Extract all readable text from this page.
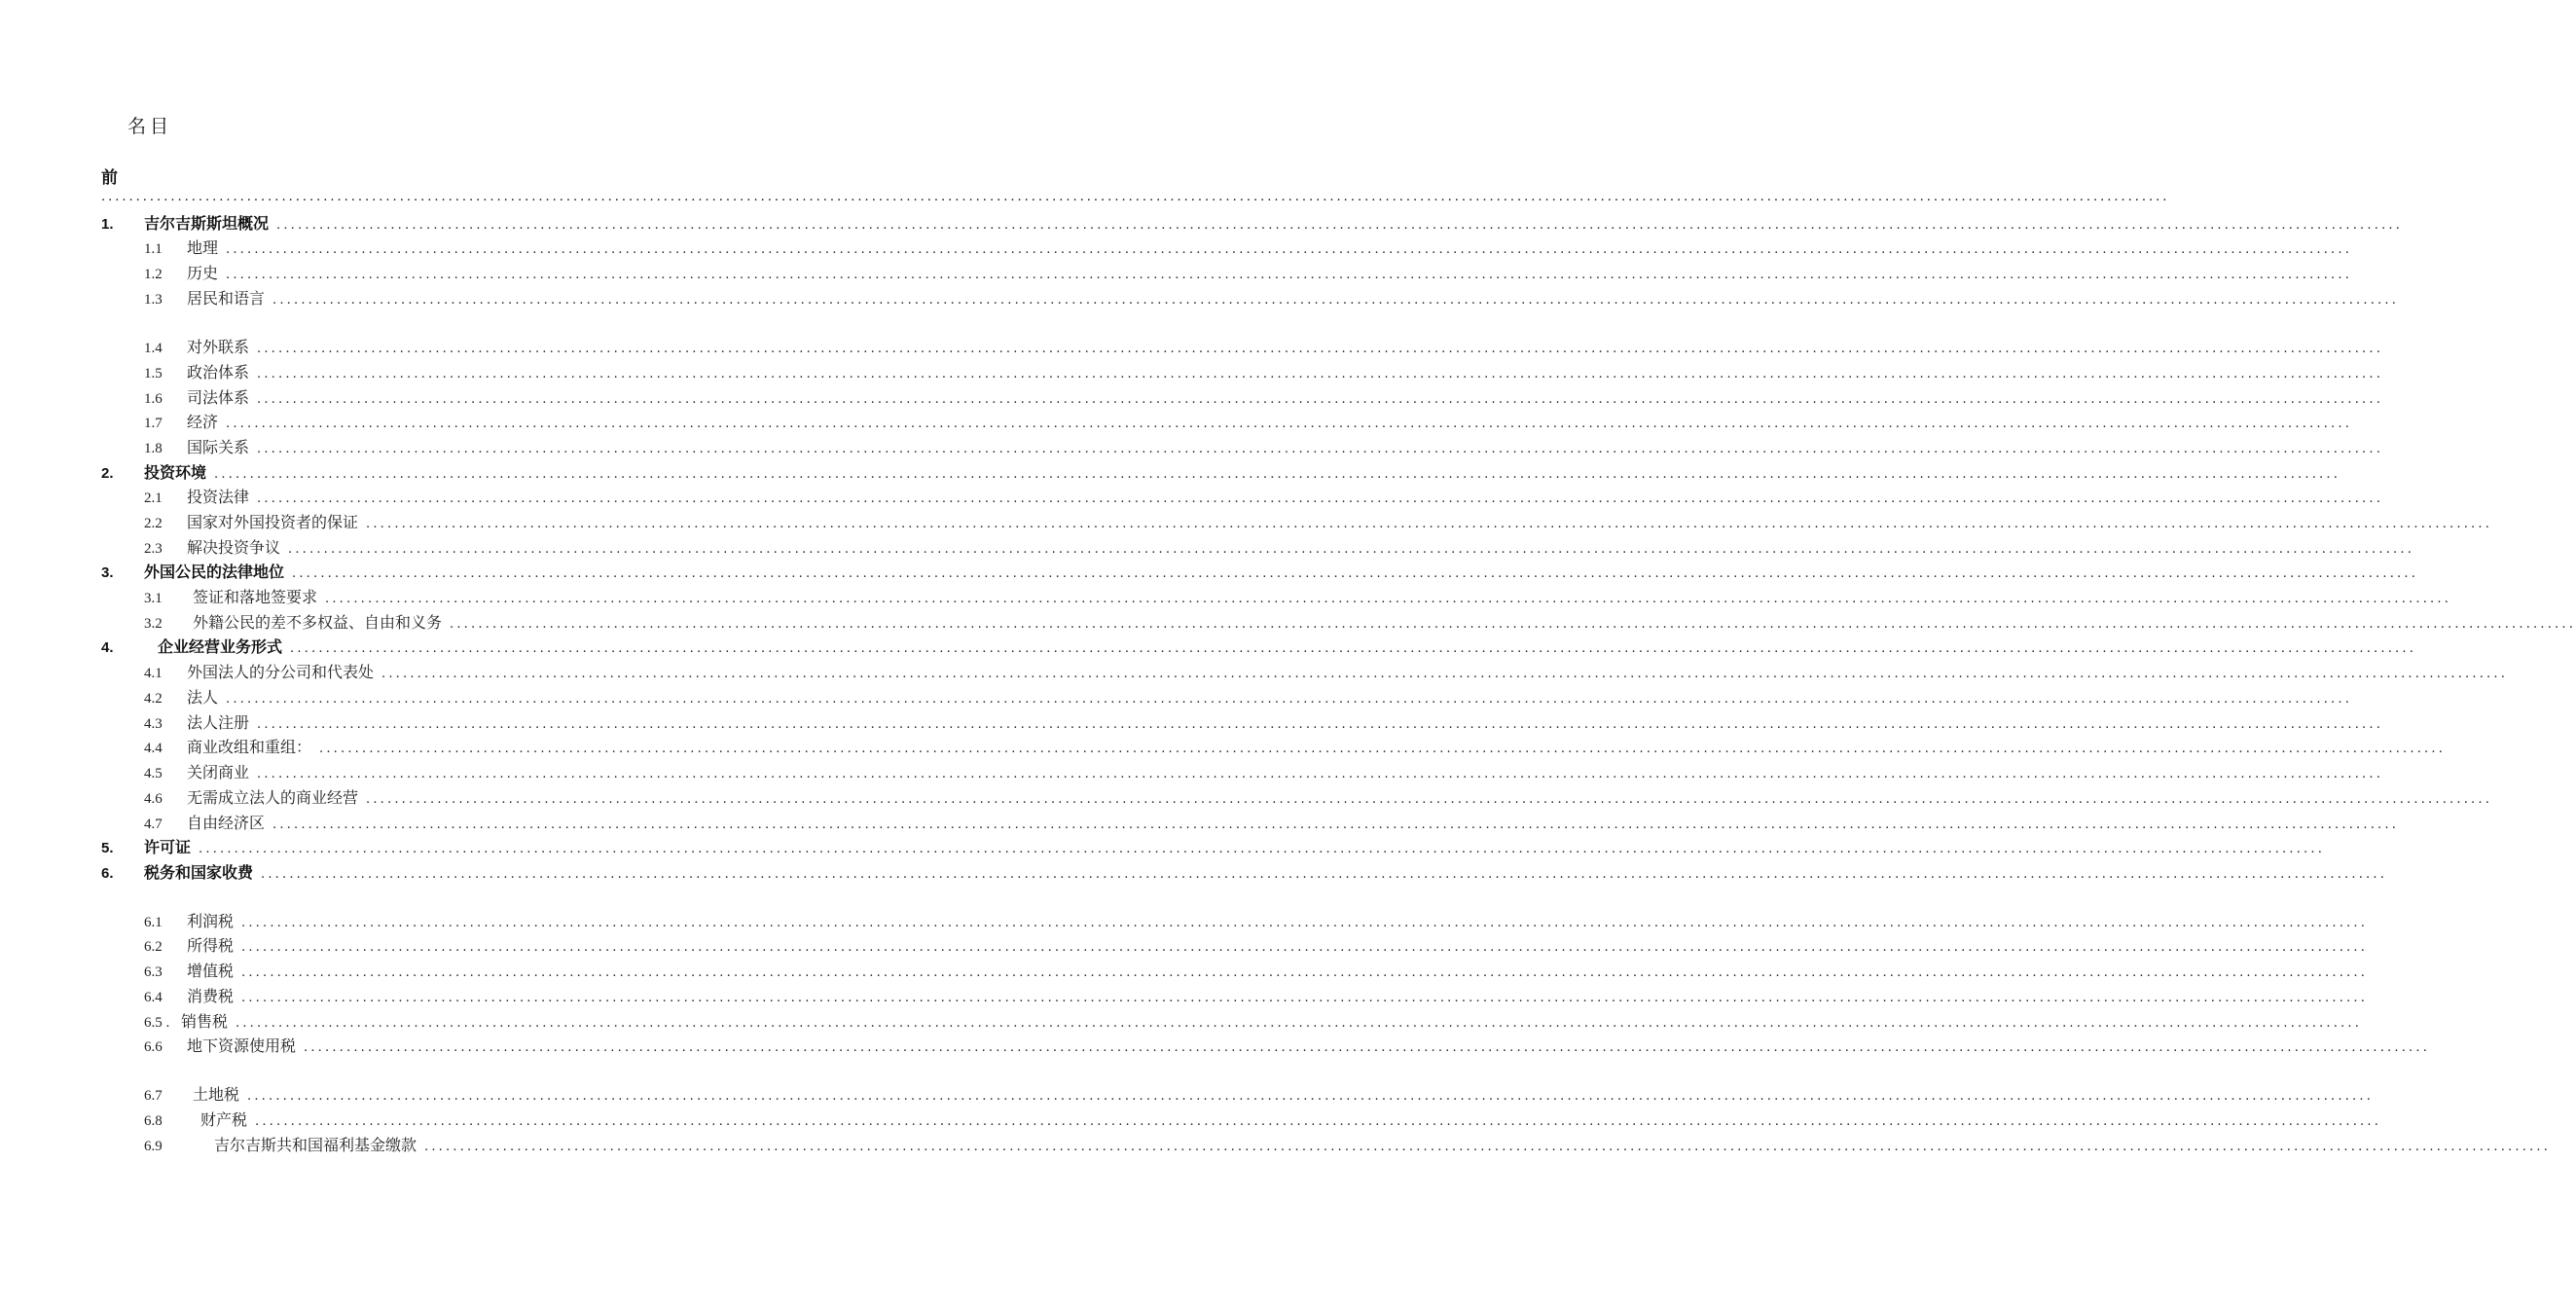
名目
前
..........................................................................................................................................................................................................................................................................................................
1.	吉尔吉斯斯坦概况 ..........................................................................................................................................................................................................................................................................................................
1.1	地理 ..........................................................................................................................................................................................................................................................................................................
1.2	历史 ..........................................................................................................................................................................................................................................................................................................
1.3	居民和语言 ..........................................................................................................................................................................................................................................................................................................
1.4	对外联系 ..........................................................................................................................................................................................................................................................................................................
1.5	政治体系 ..........................................................................................................................................................................................................................................................................................................
1.6	司法体系 ..........................................................................................................................................................................................................................................................................................................
1.7	经济 ..........................................................................................................................................................................................................................................................................................................
1.8	国际关系 ..........................................................................................................................................................................................................................................................................................................
2.	投资环境 ..........................................................................................................................................................................................................................................................................................................
2.1	投资法律 ..........................................................................................................................................................................................................................................................................................................
2.2	国家对外国投资者的保证 ..........................................................................................................................................................................................................................................................................................................
2.3	解决投资争议 ..........................................................................................................................................................................................................................................................................................................
3.	外国公民的法律地位 ..........................................................................................................................................................................................................................................................................................................
3.1	签证和落地签要求 ..........................................................................................................................................................................................................................................................................................................
3.2	外籍公民的差不多权益、自由和义务 ..........................................................................................................................................................................................................................................................................................................
4.	企业经营业务形式 ..........................................................................................................................................................................................................................................................................................................
4.1	外国法人的分公司和代表处 ..........................................................................................................................................................................................................................................................................................................
4.2	法人 ..........................................................................................................................................................................................................................................................................................................
4.3	法人注册 ..........................................................................................................................................................................................................................................................................................................
4.4	商业改组和重组： ..........................................................................................................................................................................................................................................................................................................
4.5	关闭商业 ..........................................................................................................................................................................................................................................................................................................
4.6	无需成立法人的商业经营 ..........................................................................................................................................................................................................................................................................................................
4.7	自由经济区 ..........................................................................................................................................................................................................................................................................................................
5.	许可证 ..........................................................................................................................................................................................................................................................................................................
6.	税务和国家收费 ..........................................................................................................................................................................................................................................................................................................
6.1	利润税 ..........................................................................................................................................................................................................................................................................................................
6.2	所得税 ..........................................................................................................................................................................................................................................................................................................
6.3	增值税 ..........................................................................................................................................................................................................................................................................................................
6.4	消费税 ..........................................................................................................................................................................................................................................................................................................
6.5 . 销售税 ..........................................................................................................................................................................................................................................................................................................
6.6	地下资源使用税 ..........................................................................................................................................................................................................................................................................................................
6.7	土地税 ..........................................................................................................................................................................................................................................................................................................
6.8	财产税 ..........................................................................................................................................................................................................................................................................................................
6.9	吉尔吉斯共和国福利基金缴款 ..........................................................................................................................................................................................................................................................................................................
